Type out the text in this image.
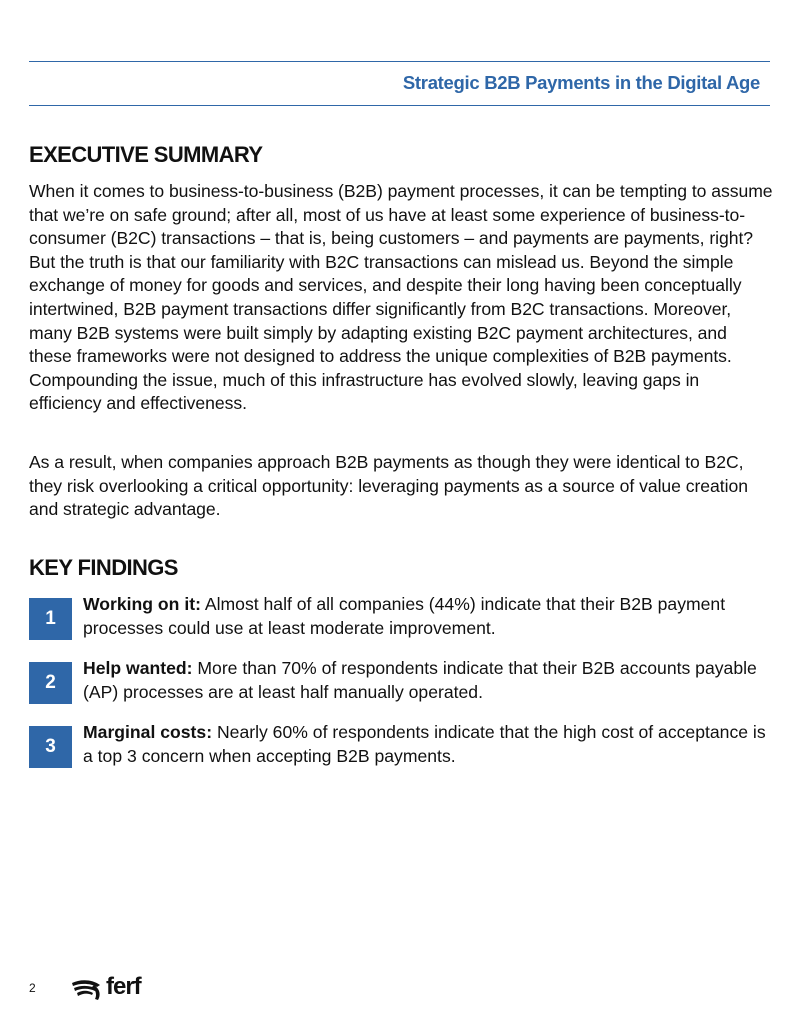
Strategic B2B Payments in the Digital Age
EXECUTIVE SUMMARY

When it comes to business-to-business (B2B) payment processes, it can be tempting to assume that we’re on safe ground; after all, most of us have at least some experience of business-to-consumer (B2C) transactions – that is, being customers – and payments are payments, right? But the truth is that our familiarity with B2C transactions can mislead us. Beyond the simple exchange of money for goods and services, and despite their long having been conceptually intertwined, B2B payment transactions differ significantly from B2C transactions. Moreover, many B2B systems were built simply by adapting existing B2C payment architectures, and these frameworks were not designed to address the unique complexities of B2B payments. Compounding the issue, much of this infrastructure has evolved slowly, leaving gaps in efficiency and effectiveness.

As a result, when companies approach B2B payments as though they were identical to B2C, they risk overlooking a critical opportunity: leveraging payments as a source of value creation and strategic advantage.

KEY FINDINGS
1

Working on it: Almost half of all companies (44%) indicate that their B2B payment processes could use at least moderate improvement.

2

Help wanted: More than 70% of respondents indicate that their B2B accounts payable (AP) processes are at least half manually operated.

3

Marginal costs: Nearly 60% of respondents indicate that the high cost of acceptance is a top 3 concern when accepting B2B payments.

2	ferf
